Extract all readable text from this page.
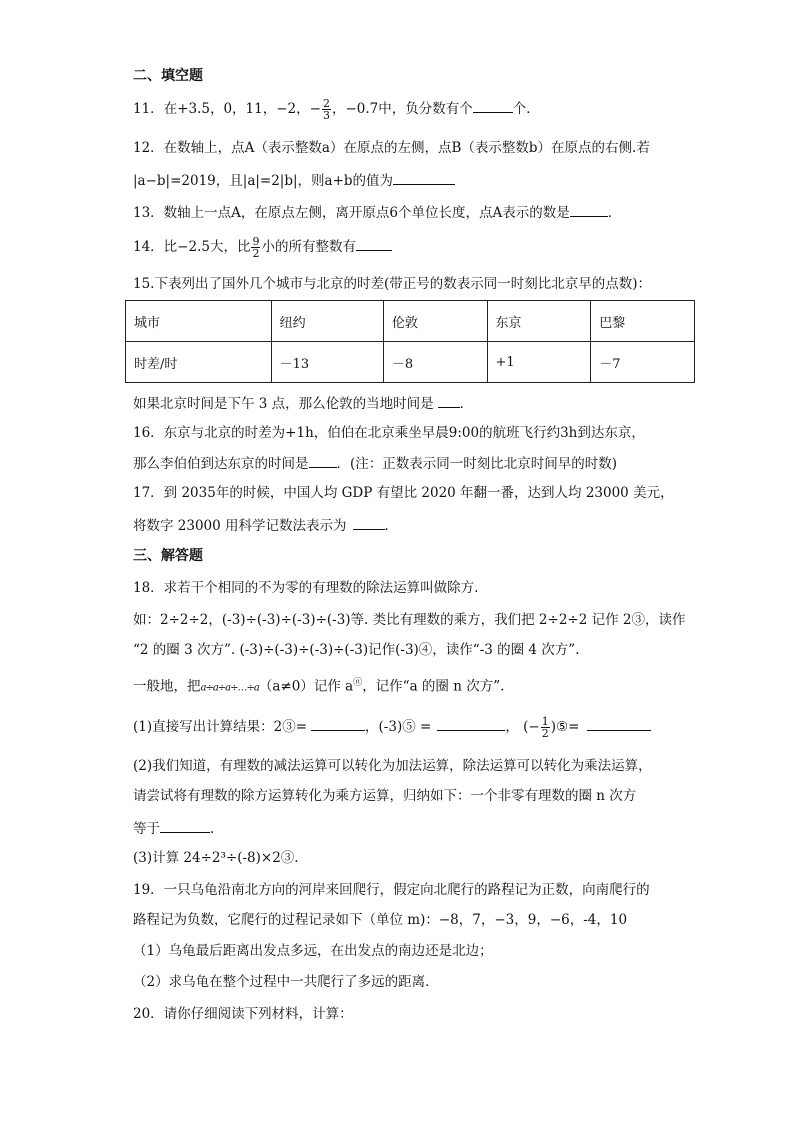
二、填空题
11．在+3.5，0，11，−2，− $\frac{2}{3}$ ，−0.7中，负分数有个	个．
12．在数轴上，点A（表示整数a）在原点的左侧，点B（表示整数b）在原点的右侧.若
|a−b|=2019，且|a|=2|b|，则a+b的值为
13．数轴上一点A，在原点左侧，离开原点6个单位长度，点A表示的数是	．
14．比−2.5大，比 $\frac{9}{2}$ 小的所有整数有
15.下表列出了国外几个城市与北京的时差(带正号的数表示同一时刻比北京早的点数)：
城市	纽约	伦敦	东京	巴黎
时差/时	－13	－8	+1	－7
如果北京时间是下午 3 点，那么伦敦的当地时间是 ．
16．东京与北京的时差为+1h，伯伯在北京乘坐早晨9:00的航班飞行约3h到达东京，
那么李伯伯到达东京的时间是 ．(注：正数表示同一时刻比北京时间早的时数)
17．到 2035年的时候，中国人均 GDP 有望比 2020 年翻一番，达到人均 23000 美元，
将数字 23000 用科学记数法表示为	．
三、解答题
18．求若干个相同的不为零的有理数的除法运算叫做除方.
如：2÷2÷2，(-3)÷(-3)÷(-3)÷(-3)等. 类比有理数的乘方，我们把 2÷2÷2 记作 2③，读作
“2 的圈 3 次方”. (-3)÷(-3)÷(-3)÷(-3)记作(-3)④，读作“-3 的圈 4 次方”.
一般地，把a÷a÷a÷…÷a（a≠0）记作 aⓝ，记作“a 的圈 n 次方”.
(1)直接写出计算结果：2③=	，(-3)⑤ =	， (− $\frac{1}{2}$ )⑤=
(2)我们知道，有理数的减法运算可以转化为加法运算，除法运算可以转化为乘法运算，
请尝试将有理数的除方运算转化为乘方运算，归纳如下：一个非零有理数的圈 n 次方
等于	.
(3)计算 24÷2³÷(-8)×2③.
19．一只乌龟沿南北方向的河岸来回爬行，假定向北爬行的路程记为正数，向南爬行的
路程记为负数，它爬行的过程记录如下（单位 m)：−8，7，−3，9，−6，-4，10
（1）乌龟最后距离出发点多远，在出发点的南边还是北边；
（2）求乌龟在整个过程中一共爬行了多远的距离．
20．请你仔细阅读下列材料，计算：
